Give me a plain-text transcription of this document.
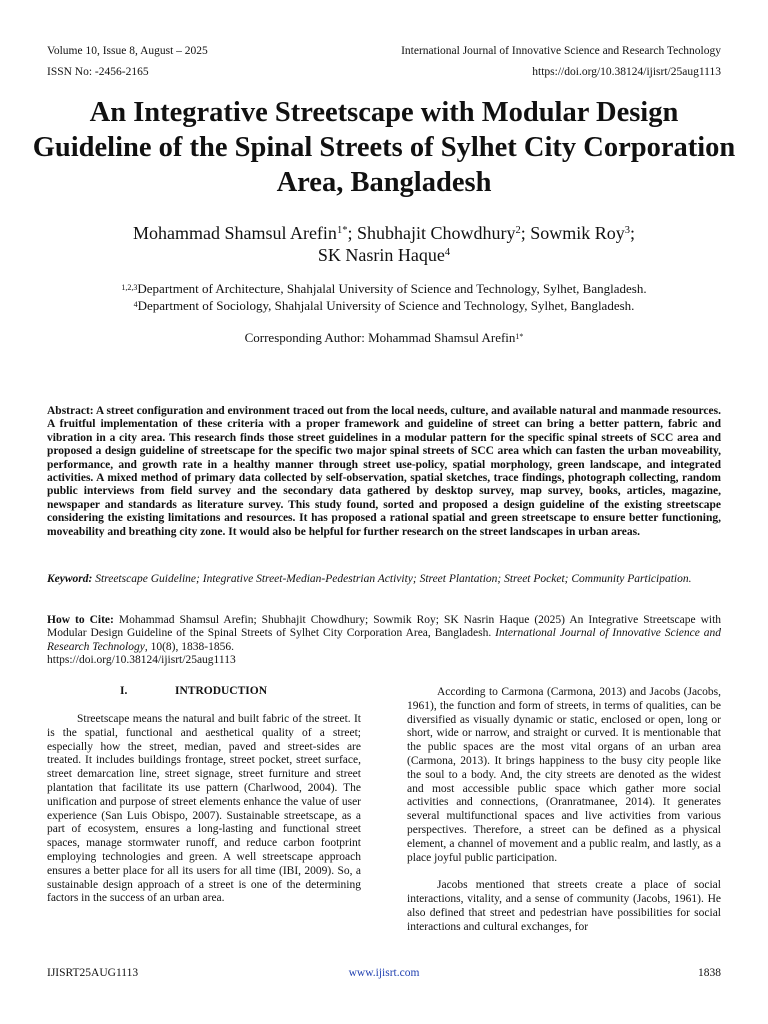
Volume 10, Issue 8, August – 2025
ISSN No: -2456-2165
International Journal of Innovative Science and Research Technology
https://doi.org/10.38124/ijisrt/25aug1113
An Integrative Streetscape with Modular Design Guideline of the Spinal Streets of Sylhet City Corporation Area, Bangladesh
Mohammad Shamsul Arefin$^{1*}$; Shubhajit Chowdhury$^2$; Sowmik Roy$^3$;
SK Nasrin Haque$^4$
$^{1,2,3}$Department of Architecture, Shahjalal University of Science and Technology, Sylhet, Bangladesh.
$^4$Department of Sociology, Shahjalal University of Science and Technology, Sylhet, Bangladesh.
Corresponding Author: Mohammad Shamsul Arefin$^{1*}$

Abstract: A street configuration and environment traced out from the local needs, culture, and available natural and manmade resources. A fruitful implementation of these criteria with a proper framework and guideline of street can bring a better pattern, fabric and vibration in a city area. This research finds those street guidelines in a modular pattern for the specific spinal streets of SCC area and proposed a design guideline of streetscape for the specific two major spinal streets of SCC area which can fasten the urban moveability, performance, and growth rate in a healthy manner through street use-policy, spatial morphology, green landscape, and integrated activities. A mixed method of primary data collected by self-observation, spatial sketches, trace findings, photograph collecting, random public interviews from field survey and the secondary data gathered by desktop survey, map survey, books, articles, magazine, newspaper and standards as literature survey. This study found, sorted and proposed a design guideline of the existing streetscape considering the existing limitations and resources. It has proposed a rational spatial and green streetscape to ensure better functioning, moveability and breathing city zone. It would also be helpful for further research on the street landscapes in urban areas.

Keyword: Streetscape Guideline; Integrative Street-Median-Pedestrian Activity; Street Plantation; Street Pocket; Community Participation.

How to Cite: Mohammad Shamsul Arefin; Shubhajit Chowdhury; Sowmik Roy; SK Nasrin Haque (2025) An Integrative Streetscape with Modular Design Guideline of the Spinal Streets of Sylhet City Corporation Area, Bangladesh. International Journal of Innovative Science and Research Technology, 10(8), 1838-1856.
https://doi.org/10.38124/ijisrt/25aug1113

I.	INTRODUCTION

Streetscape means the natural and built fabric of the street. It is the spatial, functional and aesthetical quality of a street; especially how the street, median, paved and street-sides are treated. It includes buildings frontage, street pocket, street surface, street demarcation line, street signage, street furniture and street plantation that facilitate its use pattern (Charlwood, 2004). The unification and purpose of street elements enhance the value of user experience (San Luis Obispo, 2007). Sustainable streetscape, as a part of ecosystem, ensures a long-lasting and functional street spaces, manage stormwater runoff, and reduce carbon footprint employing technologies and green. A well streetscape approach ensures a better place for all its users for all time (IBI, 2009). So, a sustainable design approach of a street is one of the determining factors in the success of an urban area.

According to Carmona (Carmona, 2013) and Jacobs (Jacobs, 1961), the function and form of streets, in terms of qualities, can be diversified as visually dynamic or static, enclosed or open, long or short, wide or narrow, and straight or curved. It is mentionable that the public spaces are the most vital organs of an urban area (Carmona, 2013). It brings happiness to the busy city people like the soul to a body. And, the city streets are denoted as the widest and most accessible public space which gather more social activities and connections, (Oranratmanee, 2014). It generates several multifunctional spaces and live activities from various perspectives. Therefore, a street can be defined as a physical element, a channel of movement and a public realm, and lastly, as a place joyful public participation.

Jacobs mentioned that streets create a place of social interactions, vitality, and a sense of community (Jacobs, 1961). He also defined that street and pedestrian have possibilities for social interactions and cultural exchanges, for

IJISRT25AUG1113	www.ijisrt.com	1838
